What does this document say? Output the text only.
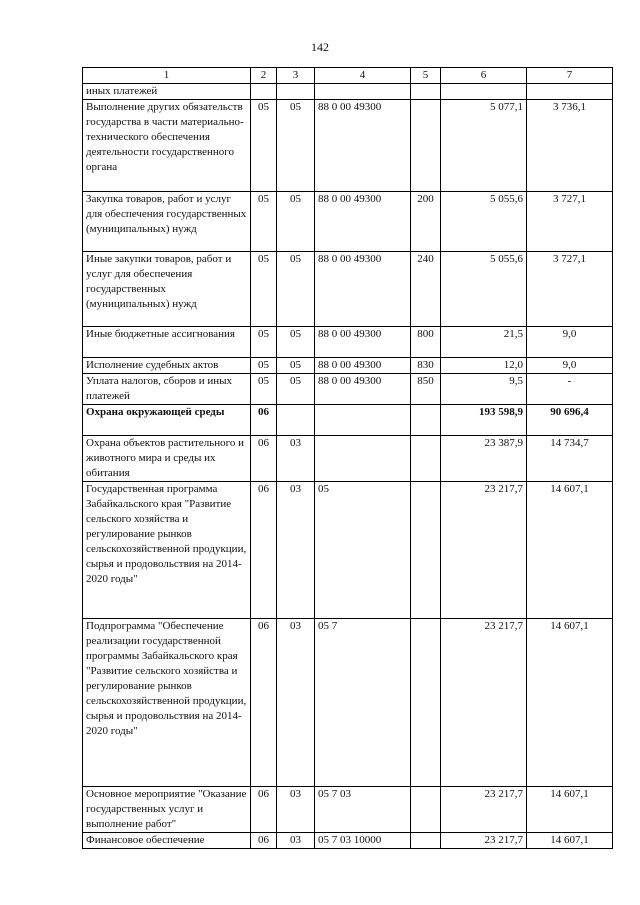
142
1	2	3	4	5	6	7
иных платежей						
Выполнение других обязательств государства в части материально-технического обеспечения деятельности государственного органа	05	05	88 0 00 49300		5 077,1	3 736,1
Закупка товаров, работ и услуг для обеспечения государственных (муниципальных) нужд	05	05	88 0 00 49300	200	5 055,6	3 727,1
Иные закупки товаров, работ и услуг для обеспечения государственных (муниципальных) нужд	05	05	88 0 00 49300	240	5 055,6	3 727,1
Иные бюджетные ассигнования	05	05	88 0 00 49300	800	21,5	9,0
Исполнение судебных актов	05	05	88 0 00 49300	830	12,0	9,0
Уплата налогов, сборов и иных платежей	05	05	88 0 00 49300	850	9,5	-
Охрана окружающей среды	06				193 598,9	90 696,4
Охрана объектов растительного и животного мира и среды их обитания	06	03			23 387,9	14 734,7
Государственная программа Забайкальского края "Развитие сельского хозяйства и регулирование рынков сельскохозяйственной продукции, сырья и продовольствия на 2014-2020 годы"	06	03	05		23 217,7	14 607,1
Подпрограмма "Обеспечение реализации государственной программы Забайкальского края "Развитие сельского хозяйства и регулирование рынков сельскохозяйственной продукции, сырья и продовольствия на 2014-2020 годы"	06	03	05 7		23 217,7	14 607,1
Основное мероприятие "Оказание государственных услуг и выполнение работ"	06	03	05 7 03		23 217,7	14 607,1
Финансовое обеспечение	06	03	05 7 03 10000		23 217,7	14 607,1
